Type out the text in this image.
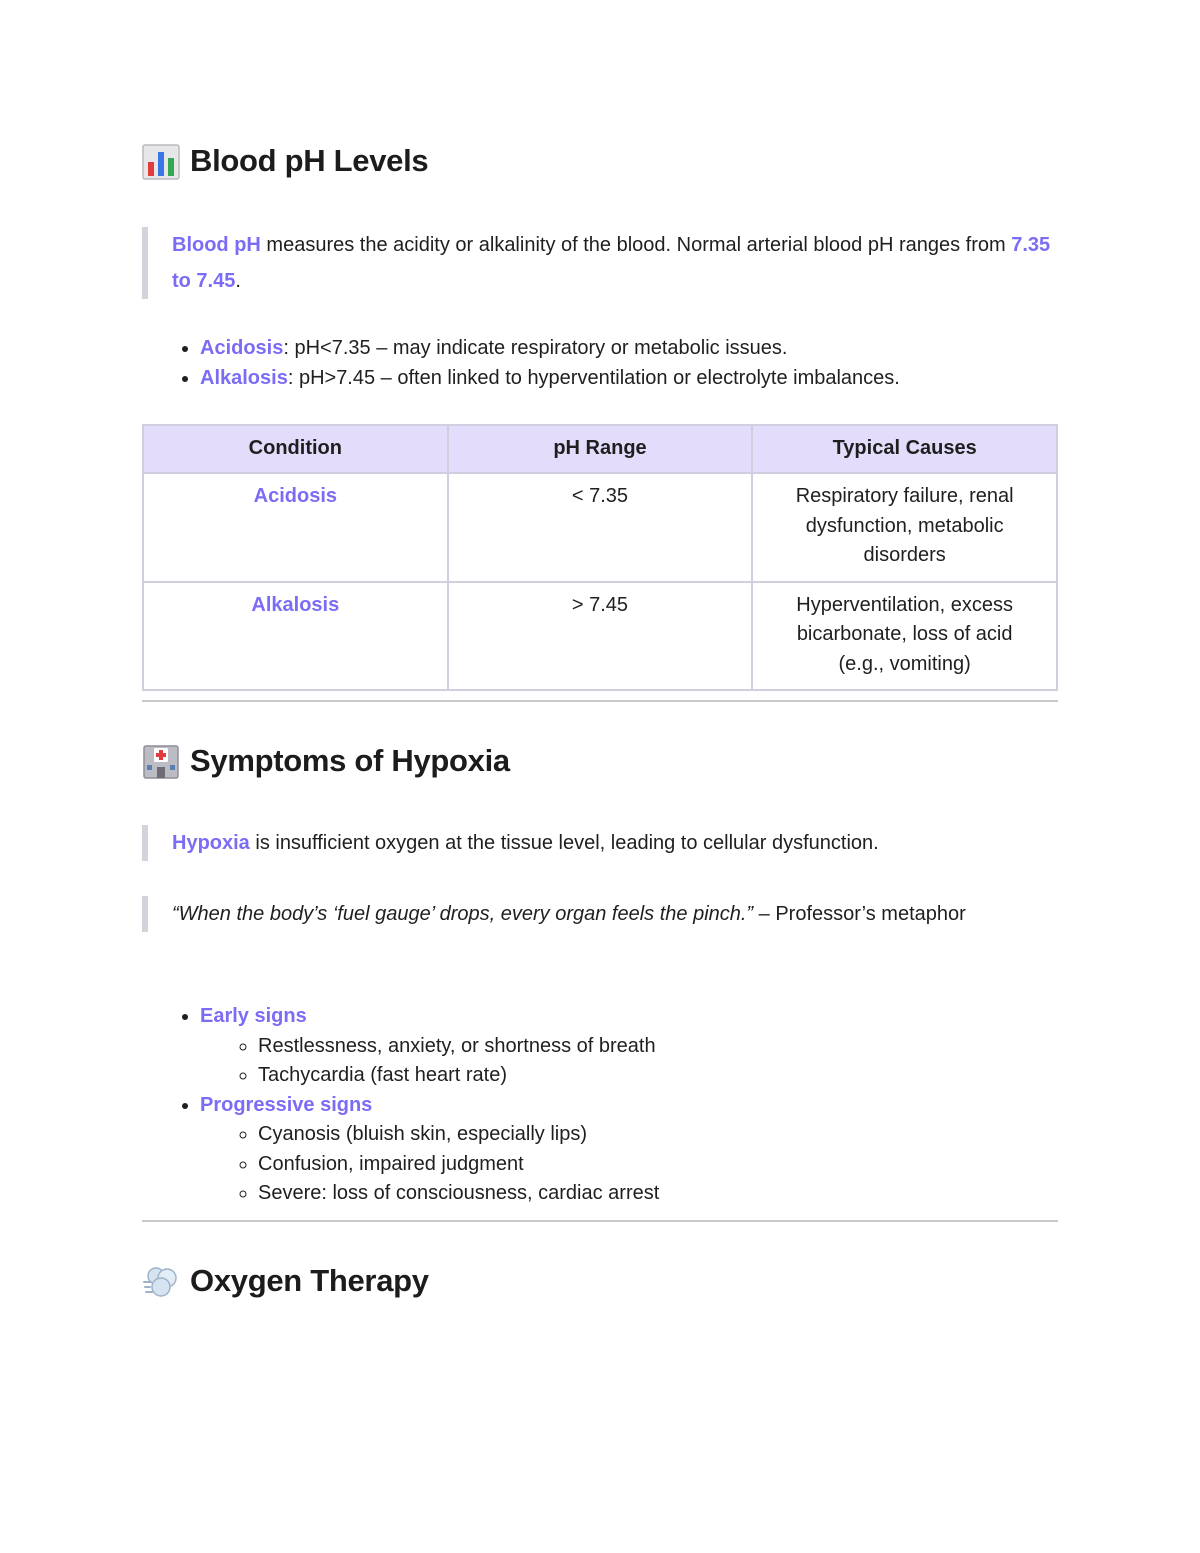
Blood pH Levels
Blood pH measures the acidity or alkalinity of the blood. Normal arterial blood pH ranges from 7.35 to 7.45.
• Acidosis: pH<7.35 – may indicate respiratory or metabolic issues.
• Alkalosis: pH>7.45 – often linked to hyperventilation or electrolyte imbalances.
Condition	pH Range	Typical Causes
Acidosis	< 7.35	Respiratory failure, renal dysfunction, metabolic disorders
Alkalosis	> 7.45	Hyperventilation, excess bicarbonate, loss of acid (e.g., vomiting)
Symptoms of Hypoxia
Hypoxia is insufficient oxygen at the tissue level, leading to cellular dysfunction.
“When the body’s ‘fuel gauge’ drops, every organ feels the pinch.” – Professor’s metaphor
• Early signs
◦ Restlessness, anxiety, or shortness of breath
◦ Tachycardia (fast heart rate)
• Progressive signs
◦ Cyanosis (bluish skin, especially lips)
◦ Confusion, impaired judgment
◦ Severe: loss of consciousness, cardiac arrest
Oxygen Therapy
